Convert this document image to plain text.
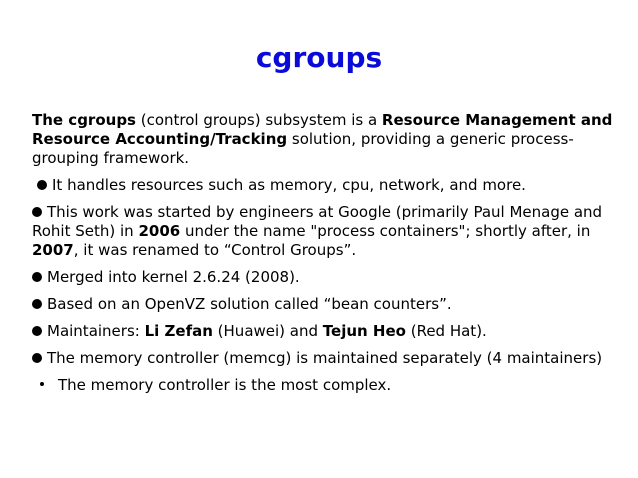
cgroups

The cgroups (control groups) subsystem is a Resource Management and Resource Accounting/Tracking solution, providing a generic process-grouping framework.

It handles resources such as memory, cpu, network, and more.
This work was started by engineers at Google (primarily Paul Menage and Rohit Seth) in 2006 under the name "process containers"; shortly after, in 2007, it was renamed to “Control Groups”.
Merged into kernel 2.6.24 (2008).
Based on an OpenVZ solution called “bean counters”.
Maintainers: Li Zefan (Huawei) and Tejun Heo (Red Hat).
The memory controller (memcg) is maintained separately (4 maintainers)
The memory controller is the most complex.
